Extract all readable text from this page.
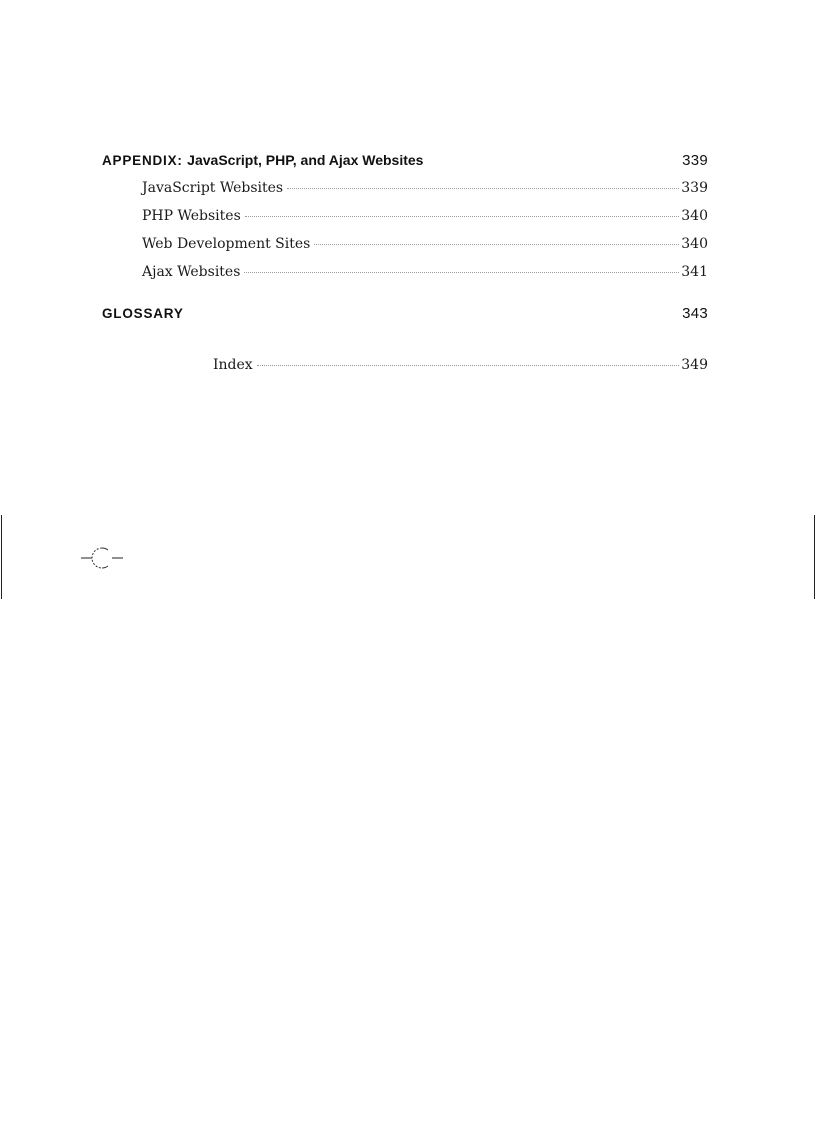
APPENDIX: JavaScript, PHP, and Ajax Websites	339
JavaScript Websites	339
PHP Websites	340
Web Development Sites	340
Ajax Websites	341
GLOSSARY	343
Index	349
